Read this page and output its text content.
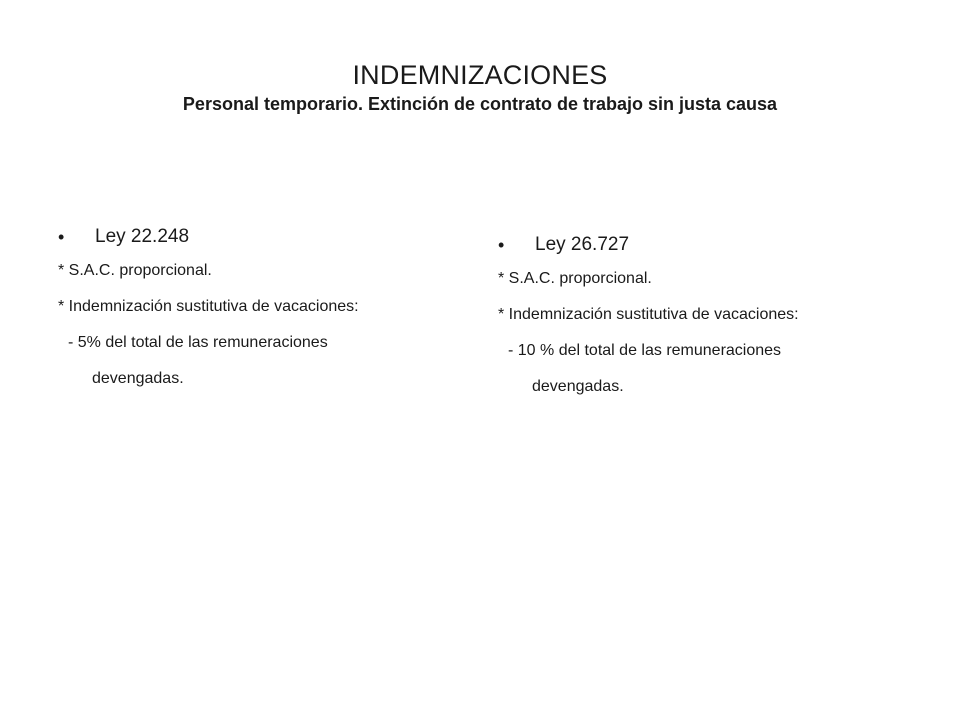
INDEMNIZACIONES
Personal temporario. Extinción de contrato de trabajo sin justa causa
• Ley 22.248
* S.A.C. proporcional.
* Indemnización sustitutiva de vacaciones:
- 5% del total de las remuneraciones
devengadas.
• Ley 26.727
* S.A.C. proporcional.
* Indemnización sustitutiva de vacaciones:
- 10 % del total de las remuneraciones
devengadas.
